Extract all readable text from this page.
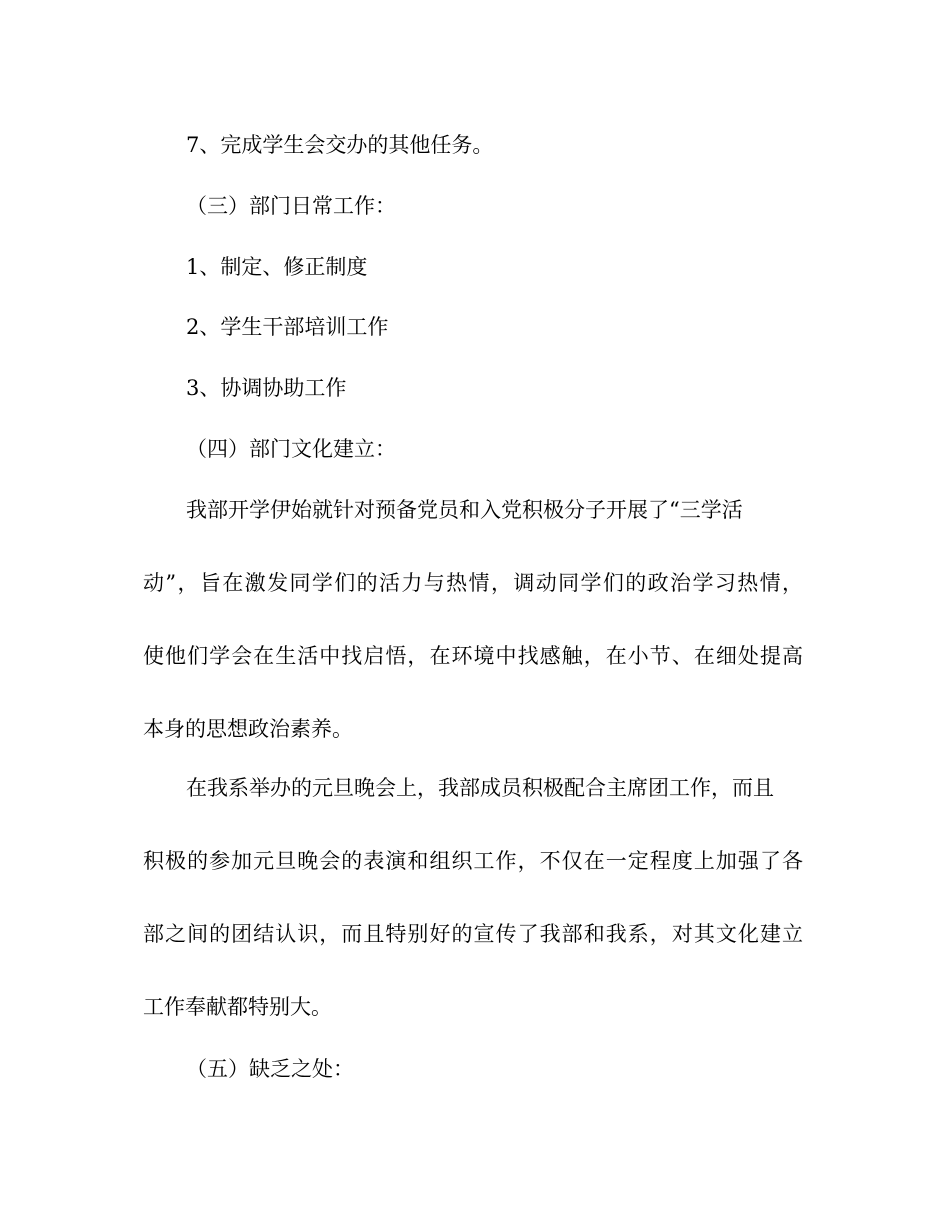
7、完成学生会交办的其他任务。
（三）部门日常工作：
1、制定、修正制度
2、学生干部培训工作
3、协调协助工作
（四）部门文化建立：
我部开学伊始就针对预备党员和入党积极分子开展了“三学活
动”，旨在激发同学们的活力与热情，调动同学们的政治学习热情，
使他们学会在生活中找启悟，在环境中找感触，在小节、在细处提高
本身的思想政治素养。
在我系举办的元旦晚会上，我部成员积极配合主席团工作，而且
积极的参加元旦晚会的表演和组织工作，不仅在一定程度上加强了各
部之间的团结认识，而且特别好的宣传了我部和我系，对其文化建立
工作奉献都特别大。
（五）缺乏之处：
